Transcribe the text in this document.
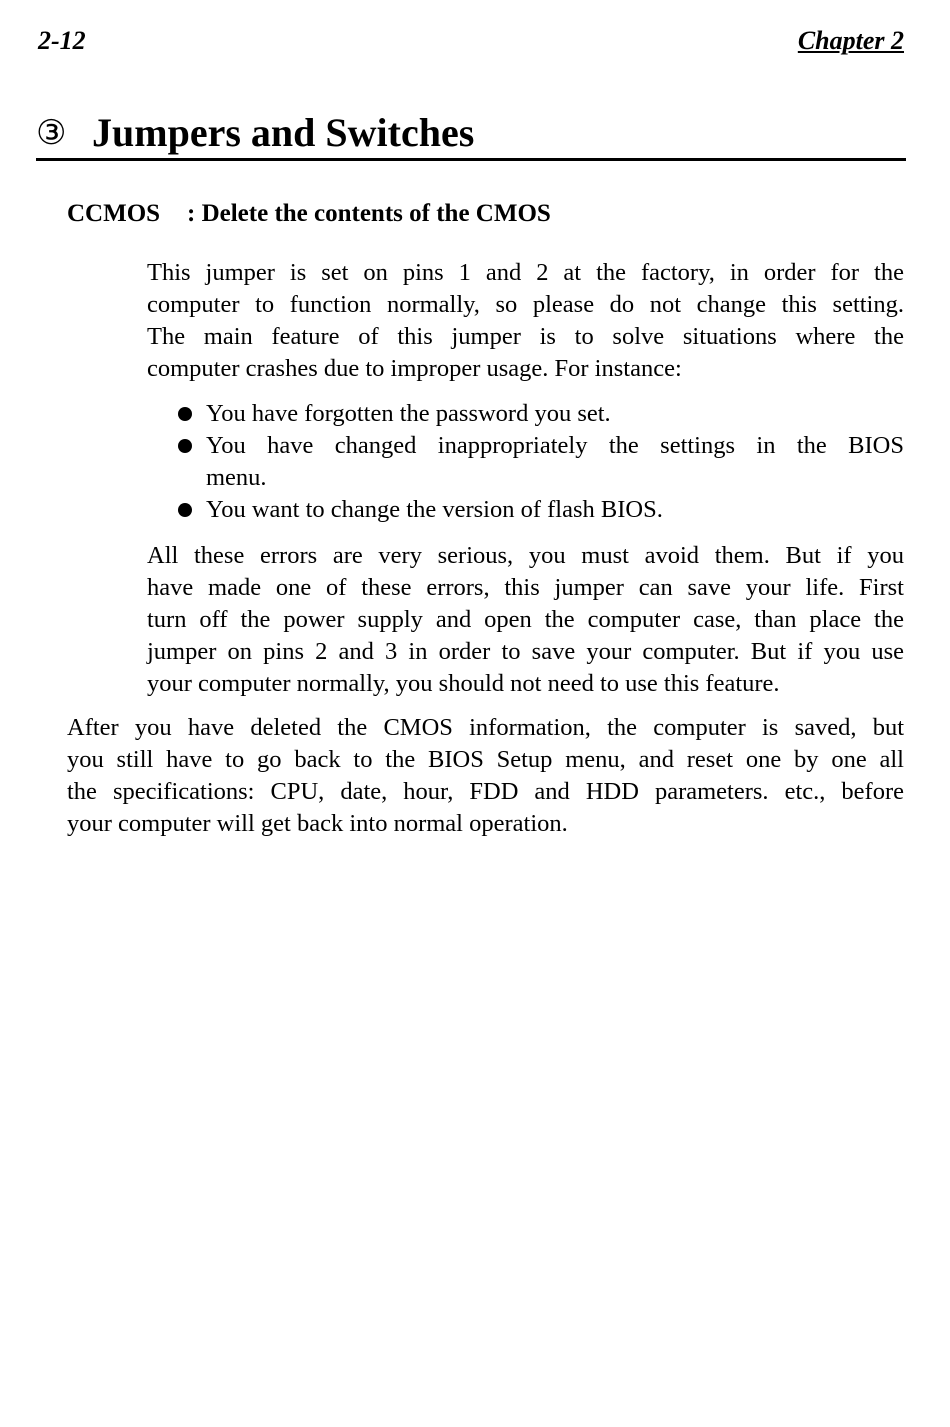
2-12	Chapter 2
③ Jumpers and Switches
CCMOS : Delete the contents of the CMOS

This jumper is set on pins 1 and 2 at the factory, in order for the
computer to function normally, so please do not change this setting.
The main feature of this jumper is to solve situations where the
computer crashes due to improper usage. For instance:

You have forgotten the password you set.
You have changed inappropriately the settings in the BIOS
menu.
You want to change the version of flash BIOS.

All these errors are very serious, you must avoid them. But if you
have made one of these errors, this jumper can save your life. First
turn off the power supply and open the computer case, than place the
jumper on pins 2 and 3 in order to save your computer. But if you use
your computer normally, you should not need to use this feature.

After you have deleted the CMOS information, the computer is saved, but
you still have to go back to the BIOS Setup menu, and reset one by one all
the specifications: CPU, date, hour, FDD and HDD parameters. etc., before
your computer will get back into normal operation.
